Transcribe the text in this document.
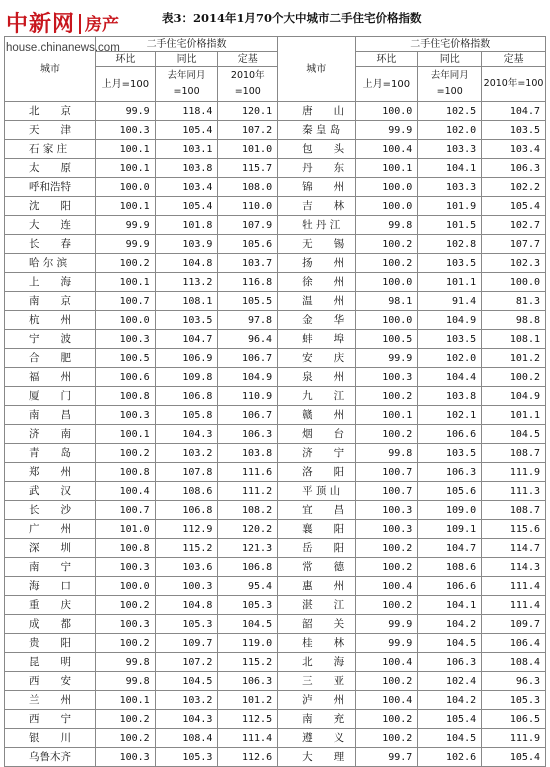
中新网 房产
house.chinanews.com
表3：2014年1月70个大中城市二手住宅价格指数
城市	二手住宅价格指数			城市	二手住宅价格指数		
	环比	同比	定基		环比	同比	定基
	上月=100	去年同月=100	2010年=100		上月=100	去年同月=100	2010年=100
北　　京	99.9	118.4	120.1	唐　　山	100.0	102.5	104.7
天　　津	100.3	105.4	107.2	秦 皇 岛	99.9	102.0	103.5
石 家 庄	100.1	103.1	101.0	包　　头	100.4	103.3	103.4
太　　原	100.1	103.8	115.7	丹　　东	100.1	104.1	106.3
呼和浩特	100.0	103.4	108.0	锦　　州	100.0	103.3	102.2
沈　　阳	100.1	105.4	110.0	吉　　林	100.0	101.9	105.4
大　　连	99.9	101.8	107.9	牡 丹 江	99.8	101.5	102.7
长　　春	99.9	103.9	105.6	无　　锡	100.2	102.8	107.7
哈 尔 滨	100.2	104.8	103.7	扬　　州	100.2	103.5	102.3
上　　海	100.1	113.2	116.8	徐　　州	100.0	101.1	100.0
南　　京	100.7	108.1	105.5	温　　州	98.1	91.4	81.3
杭　　州	100.0	103.5	97.8	金　　华	100.0	104.9	98.8
宁　　波	100.3	104.7	96.4	蚌　　埠	100.5	103.5	108.1
合　　肥	100.5	106.9	106.7	安　　庆	99.9	102.0	101.2
福　　州	100.6	109.8	104.9	泉　　州	100.3	104.4	100.2
厦　　门	100.8	106.8	110.9	九　　江	100.2	103.8	104.9
南　　昌	100.3	105.8	106.7	赣　　州	100.1	102.1	101.1
济　　南	100.1	104.3	106.3	烟　　台	100.2	106.6	104.5
青　　岛	100.2	103.2	103.8	济　　宁	99.8	103.5	108.7
郑　　州	100.8	107.8	111.6	洛　　阳	100.7	106.3	111.9
武　　汉	100.4	108.6	111.2	平 顶 山	100.7	105.6	111.3
长　　沙	100.7	106.8	108.2	宜　　昌	100.3	109.0	108.7
广　　州	101.0	112.9	120.2	襄　　阳	100.3	109.1	115.6
深　　圳	100.8	115.2	121.3	岳　　阳	100.2	104.7	114.7
南　　宁	100.3	103.6	106.8	常　　德	100.2	108.6	114.3
海　　口	100.0	100.3	95.4	惠　　州	100.4	106.6	111.4
重　　庆	100.2	104.8	105.3	湛　　江	100.2	104.1	111.4
成　　都	100.3	105.3	104.5	韶　　关	99.9	104.2	109.7
贵　　阳	100.2	109.7	119.0	桂　　林	99.9	104.5	106.4
昆　　明	99.8	107.2	115.2	北　　海	100.4	106.3	108.4
西　　安	99.8	104.5	106.3	三　　亚	100.2	102.4	96.3
兰　　州	100.1	103.2	101.2	泸　　州	100.4	104.2	105.3
西　　宁	100.2	104.3	112.5	南　　充	100.2	105.4	106.5
银　　川	100.2	108.4	111.4	遵　　义	100.2	104.5	111.9
乌鲁木齐	100.3	105.3	112.6	大　　理	99.7	102.6	105.4
